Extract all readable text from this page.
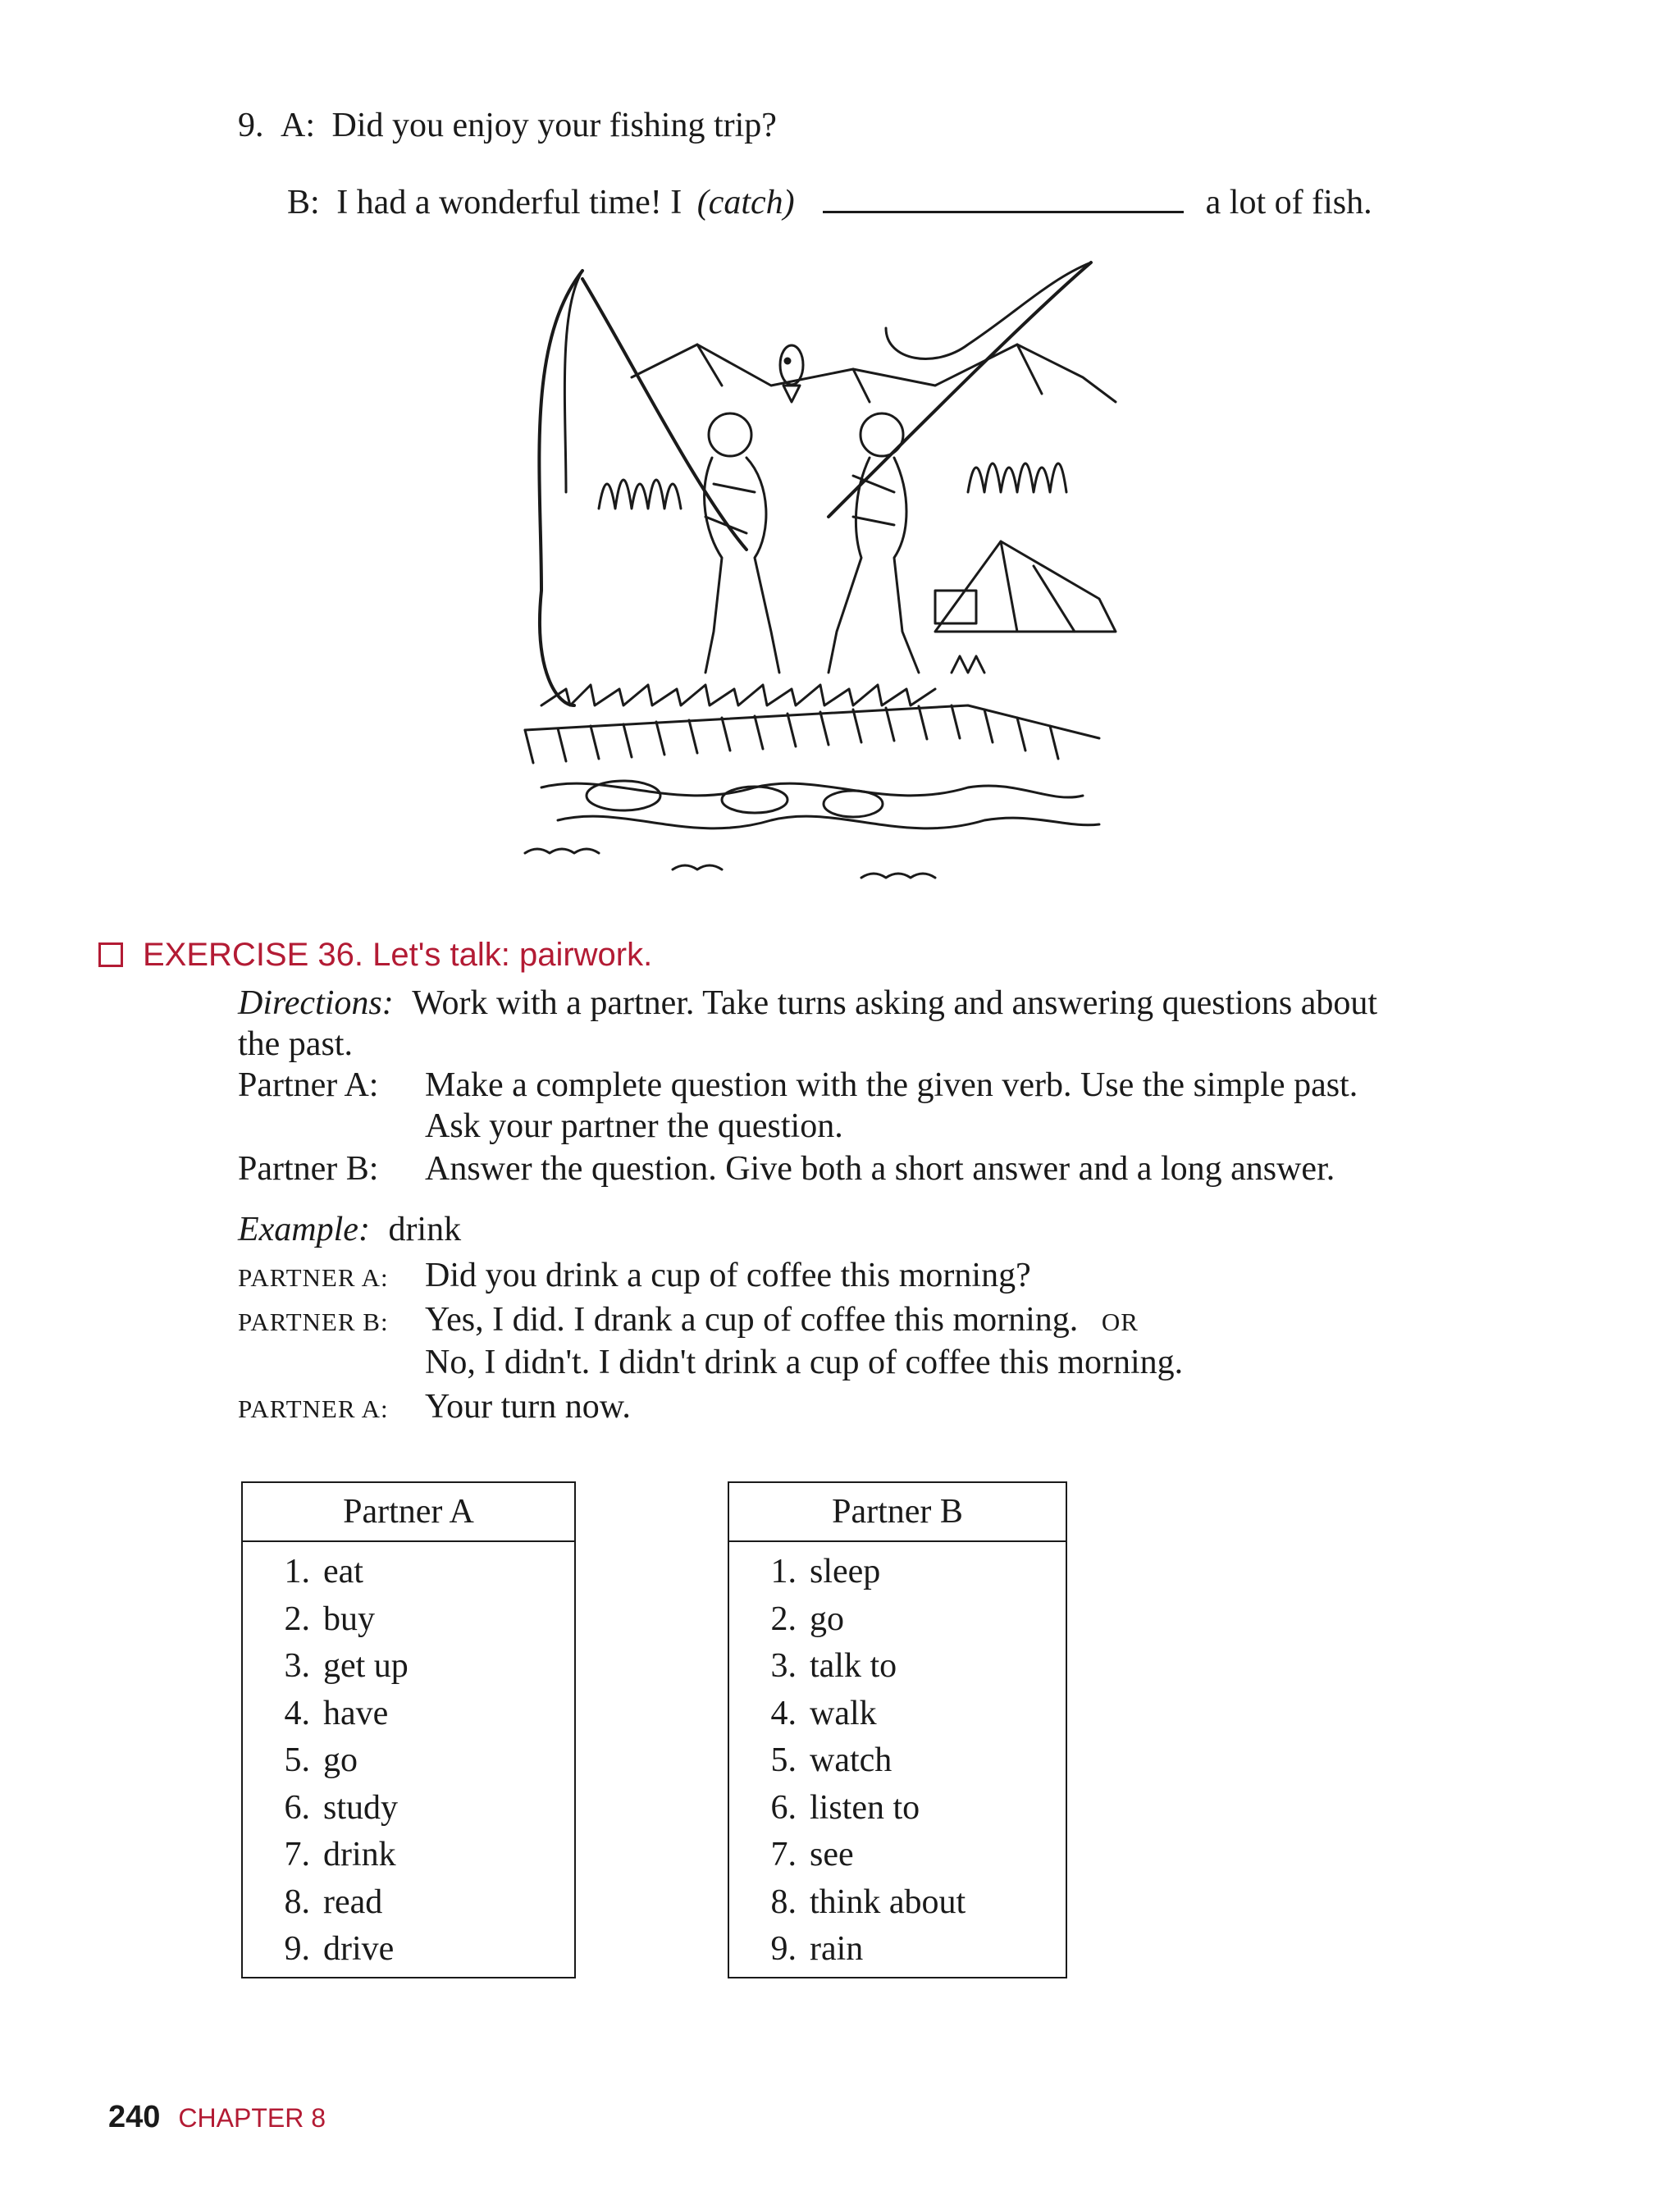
9. A: Did you enjoy your fishing trip?
B: I had a wonderful time! I (catch)	a lot of fish.
EXERCISE 36. Let's talk: pairwork.
Directions: Work with a partner. Take turns asking and answering questions about
the past.
Partner A: Make a complete question with the given verb. Use the simple past.
Ask your partner the question.
Partner B: Answer the question. Give both a short answer and a long answer.
Example: drink
PARTNER A: Did you drink a cup of coffee this morning?
PARTNER B: Yes, I did. I drank a cup of coffee this morning. OR
No, I didn't. I didn't drink a cup of coffee this morning.
PARTNER A: Your turn now.
Partner A
1. eat
2. buy
3. get up
4. have
5. go
6. study
7. drink
8. read
9. drive
Partner B
1. sleep
2. go
3. talk to
4. walk
5. watch
6. listen to
7. see
8. think about
9. rain
240 CHAPTER 8
